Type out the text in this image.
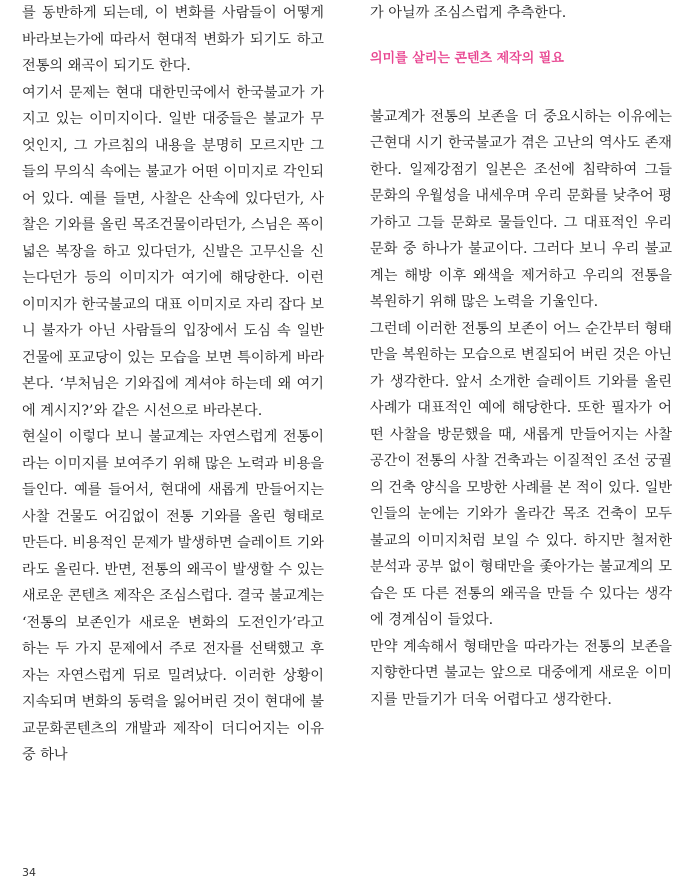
를 동반하게 되는데, 이 변화를 사람들이 어떻게 바라보는가에 따라서 현대적 변화가 되기도 하고 전통의 왜곡이 되기도 한다.

여기서 문제는 현대 대한민국에서 한국불교가 가지고 있는 이미지이다. 일반 대중들은 불교가 무엇인지, 그 가르침의 내용을 분명히 모르지만 그들의 무의식 속에는 불교가 어떤 이미지로 각인되어 있다. 예를 들면, 사찰은 산속에 있다던가, 사찰은 기와를 올린 목조건물이라던가, 스님은 폭이 넓은 복장을 하고 있다던가, 신발은 고무신을 신는다던가 등의 이미지가 여기에 해당한다. 이런 이미지가 한국불교의 대표 이미지로 자리 잡다 보니 불자가 아닌 사람들의 입장에서 도심 속 일반 건물에 포교당이 있는 모습을 보면 특이하게 바라본다. ‘부처님은 기와집에 계셔야 하는데 왜 여기에 계시지?’와 같은 시선으로 바라본다.

현실이 이렇다 보니 불교계는 자연스럽게 전통이라는 이미지를 보여주기 위해 많은 노력과 비용을 들인다. 예를 들어서, 현대에 새롭게 만들어지는 사찰 건물도 어김없이 전통 기와를 올린 형태로 만든다. 비용적인 문제가 발생하면 슬레이트 기와라도 올린다. 반면, 전통의 왜곡이 발생할 수 있는 새로운 콘텐츠 제작은 조심스럽다. 결국 불교계는 ‘전통의 보존인가 새로운 변화의 도전인가’라고 하는 두 가지 문제에서 주로 전자를 선택했고 후자는 자연스럽게 뒤로 밀려났다. 이러한 상황이 지속되며 변화의 동력을 잃어버린 것이 현대에 불교문화콘텐츠의 개발과 제작이 더디어지는 이유 중 하나

가 아닐까 조심스럽게 추측한다.

의미를 살리는 콘텐츠 제작의 필요

불교계가 전통의 보존을 더 중요시하는 이유에는 근현대 시기 한국불교가 겪은 고난의 역사도 존재한다. 일제강점기 일본은 조선에 침략하여 그들 문화의 우월성을 내세우며 우리 문화를 낮추어 평가하고 그들 문화로 물들인다. 그 대표적인 우리 문화 중 하나가 불교이다. 그러다 보니 우리 불교계는 해방 이후 왜색을 제거하고 우리의 전통을 복원하기 위해 많은 노력을 기울인다.

그런데 이러한 전통의 보존이 어느 순간부터 형태만을 복원하는 모습으로 변질되어 버린 것은 아닌가 생각한다. 앞서 소개한 슬레이트 기와를 올린 사례가 대표적인 예에 해당한다. 또한 필자가 어떤 사찰을 방문했을 때, 새롭게 만들어지는 사찰 공간이 전통의 사찰 건축과는 이질적인 조선 궁궐의 건축 양식을 모방한 사례를 본 적이 있다. 일반인들의 눈에는 기와가 올라간 목조 건축이 모두 불교의 이미지처럼 보일 수 있다. 하지만 철저한 분석과 공부 없이 형태만을 좇아가는 불교계의 모습은 또 다른 전통의 왜곡을 만들 수 있다는 생각에 경계심이 들었다.

만약 계속해서 형태만을 따라가는 전통의 보존을 지향한다면 불교는 앞으로 대중에게 새로운 이미지를 만들기가 더욱 어렵다고 생각한다.

34
